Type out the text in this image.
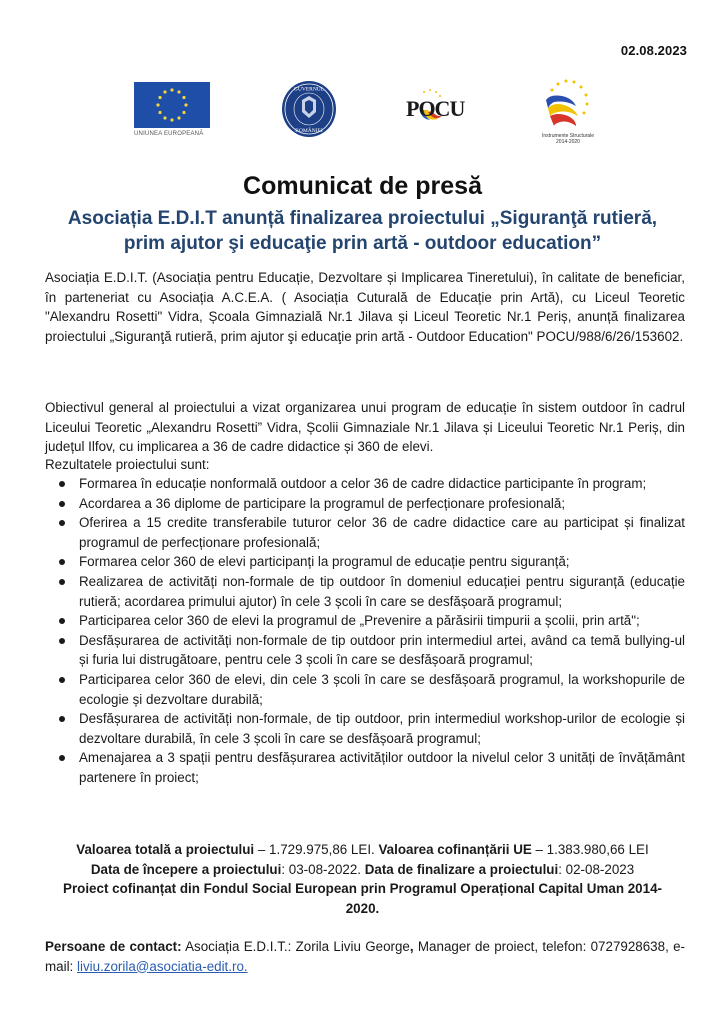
02.08.2023
UNIUNEA EUROPEANĂ
GUVERNUL
ROMÂNIEI
POCU
Instrumente Structurale
2014-2020
Comunicat de presă
Asociația E.D.I.T anunță finalizarea proiectului „Siguranţă rutieră, prim ajutor şi educaţie prin artă - outdoor education”

Asociația E.D.I.T. (Asociația pentru Educație, Dezvoltare și Implicarea Tineretului), în calitate de beneficiar, în parteneriat cu Asociația A.C.E.A. ( Asociația Cuturală de Educație prin Artă), cu Liceul Teoretic "Alexandru Rosetti" Vidra, Școala Gimnazială Nr.1 Jilava și Liceul Teoretic Nr.1 Periș, anunță finalizarea proiectului „Siguranţă rutieră, prim ajutor şi educaţie prin artă - Outdoor Education" POCU/988/6/26/153602.

Obiectivul general al proiectului a vizat organizarea unui program de educație în sistem outdoor în cadrul Liceului Teoretic „Alexandru Rosetti” Vidra, Școlii Gimnaziale Nr.1 Jilava și Liceului Teoretic Nr.1 Periș, din județul Ilfov, cu implicarea a 36 de cadre didactice și 360 de elevi.

Rezultatele proiectului sunt:
Formarea în educație nonformală outdoor a celor 36 de cadre didactice participante în program;
Acordarea a 36 diplome de participare la programul de perfecționare profesională;
Oferirea a 15 credite transferabile tuturor celor 36 de cadre didactice care au participat și finalizat programul de perfecționare profesională;
Formarea celor 360 de elevi participanți la programul de educație pentru siguranță;
Realizarea de activități non-formale de tip outdoor în domeniul educației pentru siguranță (educație rutieră; acordarea primului ajutor) în cele 3 școli în care se desfășoară programul;
Participarea celor 360 de elevi la programul de „Prevenire a părăsirii timpurii a școlii, prin artă";
Desfășurarea de activități non-formale de tip outdoor prin intermediul artei, având ca temă bullying-ul și furia lui distrugătoare, pentru cele 3 școli în care se desfășoară programul;
Participarea celor 360 de elevi, din cele 3 școli în care se desfășoară programul, la workshopurile de ecologie și dezvoltare durabilă;
Desfășurarea de activități non-formale, de tip outdoor, prin intermediul workshop-urilor de ecologie și dezvoltare durabilă, în cele 3 școli în care se desfășoară programul;
Amenajarea a 3 spații pentru desfășurarea activităților outdoor la nivelul celor 3 unități de învățământ partenere în proiect;
Valoarea totală a proiectului – 1.729.975,86 LEI. Valoarea cofinanțării UE – 1.383.980,66 LEI
Data de începere a proiectului: 03-08-2022. Data de finalizare a proiectului: 02-08-2023
Proiect cofinanțat din Fondul Social European prin Programul Operațional Capital Uman 2014-2020.
Persoane de contact: Asociația E.D.I.T.: Zorila Liviu George, Manager de proiect, telefon: 0727928638, e-mail: liviu.zorila@asociatia-edit.ro.
